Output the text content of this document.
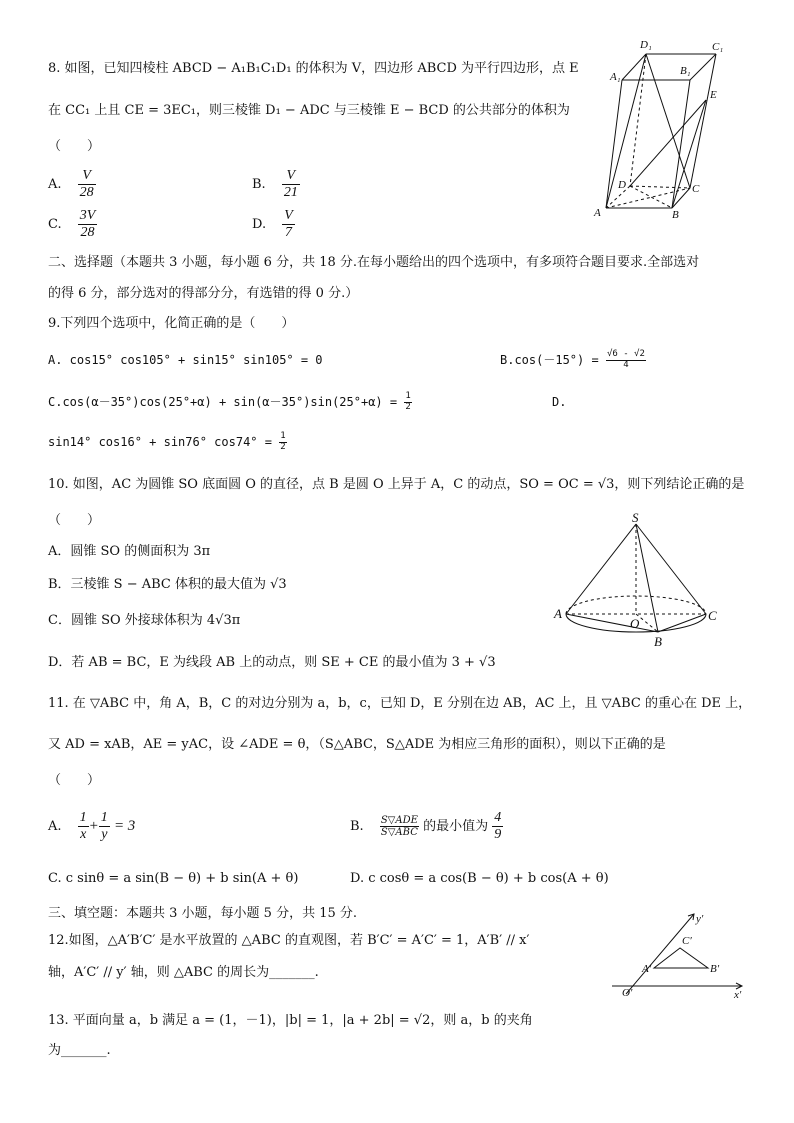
8. 如图，已知四棱柱 ABCD − A₁B₁C₁D₁ 的体积为 V，四边形 ABCD 为平行四边形，点 E
在 CC₁ 上且 CE = 3EC₁，则三棱锥 D₁ − ADC 与三棱锥 E − BCD 的公共部分的体积为
（　　）
A. $\frac{V}{28}$	B. $\frac{V}{21}$
C. $\frac{3V}{28}$	D. $\frac{V}{7}$
D₁	C₁
A₁	B₁
E
D	C
A	B
二、选择题（本题共 3 小题，每小题 6 分，共 18 分.在每小题给出的四个选项中，有多项符合题目要求.全部选对
的得 6 分，部分选对的得部分分，有选错的得 0 分.）
9.下列四个选项中，化简正确的是（　　）
A. cos15° cos105° + sin15° sin105° = 0	$B.\cos(-15^\circ) = \frac{√6 - √2}{4}$
$C.\cos(\alpha-35^\circ)\cos(25^\circ+\alpha) + \sin(\alpha-35^\circ)\sin(25^\circ+\alpha) = \frac{1}{2}$	D.
sin14° cos16° + sin76° $\cos 74^\circ = \frac{1}{2}$
10. 如图，AC 为圆锥 SO 底面圆 O 的直径，点 B 是圆 O 上异于 A，C 的动点，SO = OC = √3，则下列结论正确的是
（　　）
A．圆锥 SO 的侧面积为 3π
B．三棱锥 S − ABC 体积的最大值为 √3
C．圆锥 SO 外接球体积为 4√3π
D．若 AB = BC，E 为线段 AB 上的动点，则 SE + CE 的最小值为 3 + √3
S
A
O
C
B
11. 在 ▽ABC 中，角 A，B，C 的对边分别为 a，b，c，已知 D，E 分别在边 AB，AC 上，且 ▽ABC 的重心在 DE 上，
又 AD = xAB，AE = yAC，设 ∠ADE = θ，（S△ABC，S△ADE 为相应三角形的面积），则以下正确的是
（　　）
A. $\frac{1}{x} + \frac{1}{y} = 3$	B. $\frac{\text{S▽ADE}}{\text{S▽ABC}}$ 的最小值为 $\frac{4}{9}$
C. c sinθ = a sin(B − θ) + b sin(A + θ)	D. c cosθ = a cos(B − θ) + b cos(A + θ)
三、填空题：本题共 3 小题，每小题 5 分，共 15 分.
12.如图，△A′B′C′ 是水平放置的 △ABC 的直观图，若 B′C′ = A′C′ = 1，A′B′ // x′
轴，A′C′ // y′ 轴，则 △ABC 的周长为_______.
y′
C′
A′	B′
O′	x′
13. 平面向量 a，b 满足 a = (1，－1)，|b| = 1，|a + 2b| = √2，则 a，b 的夹角
为_______.
